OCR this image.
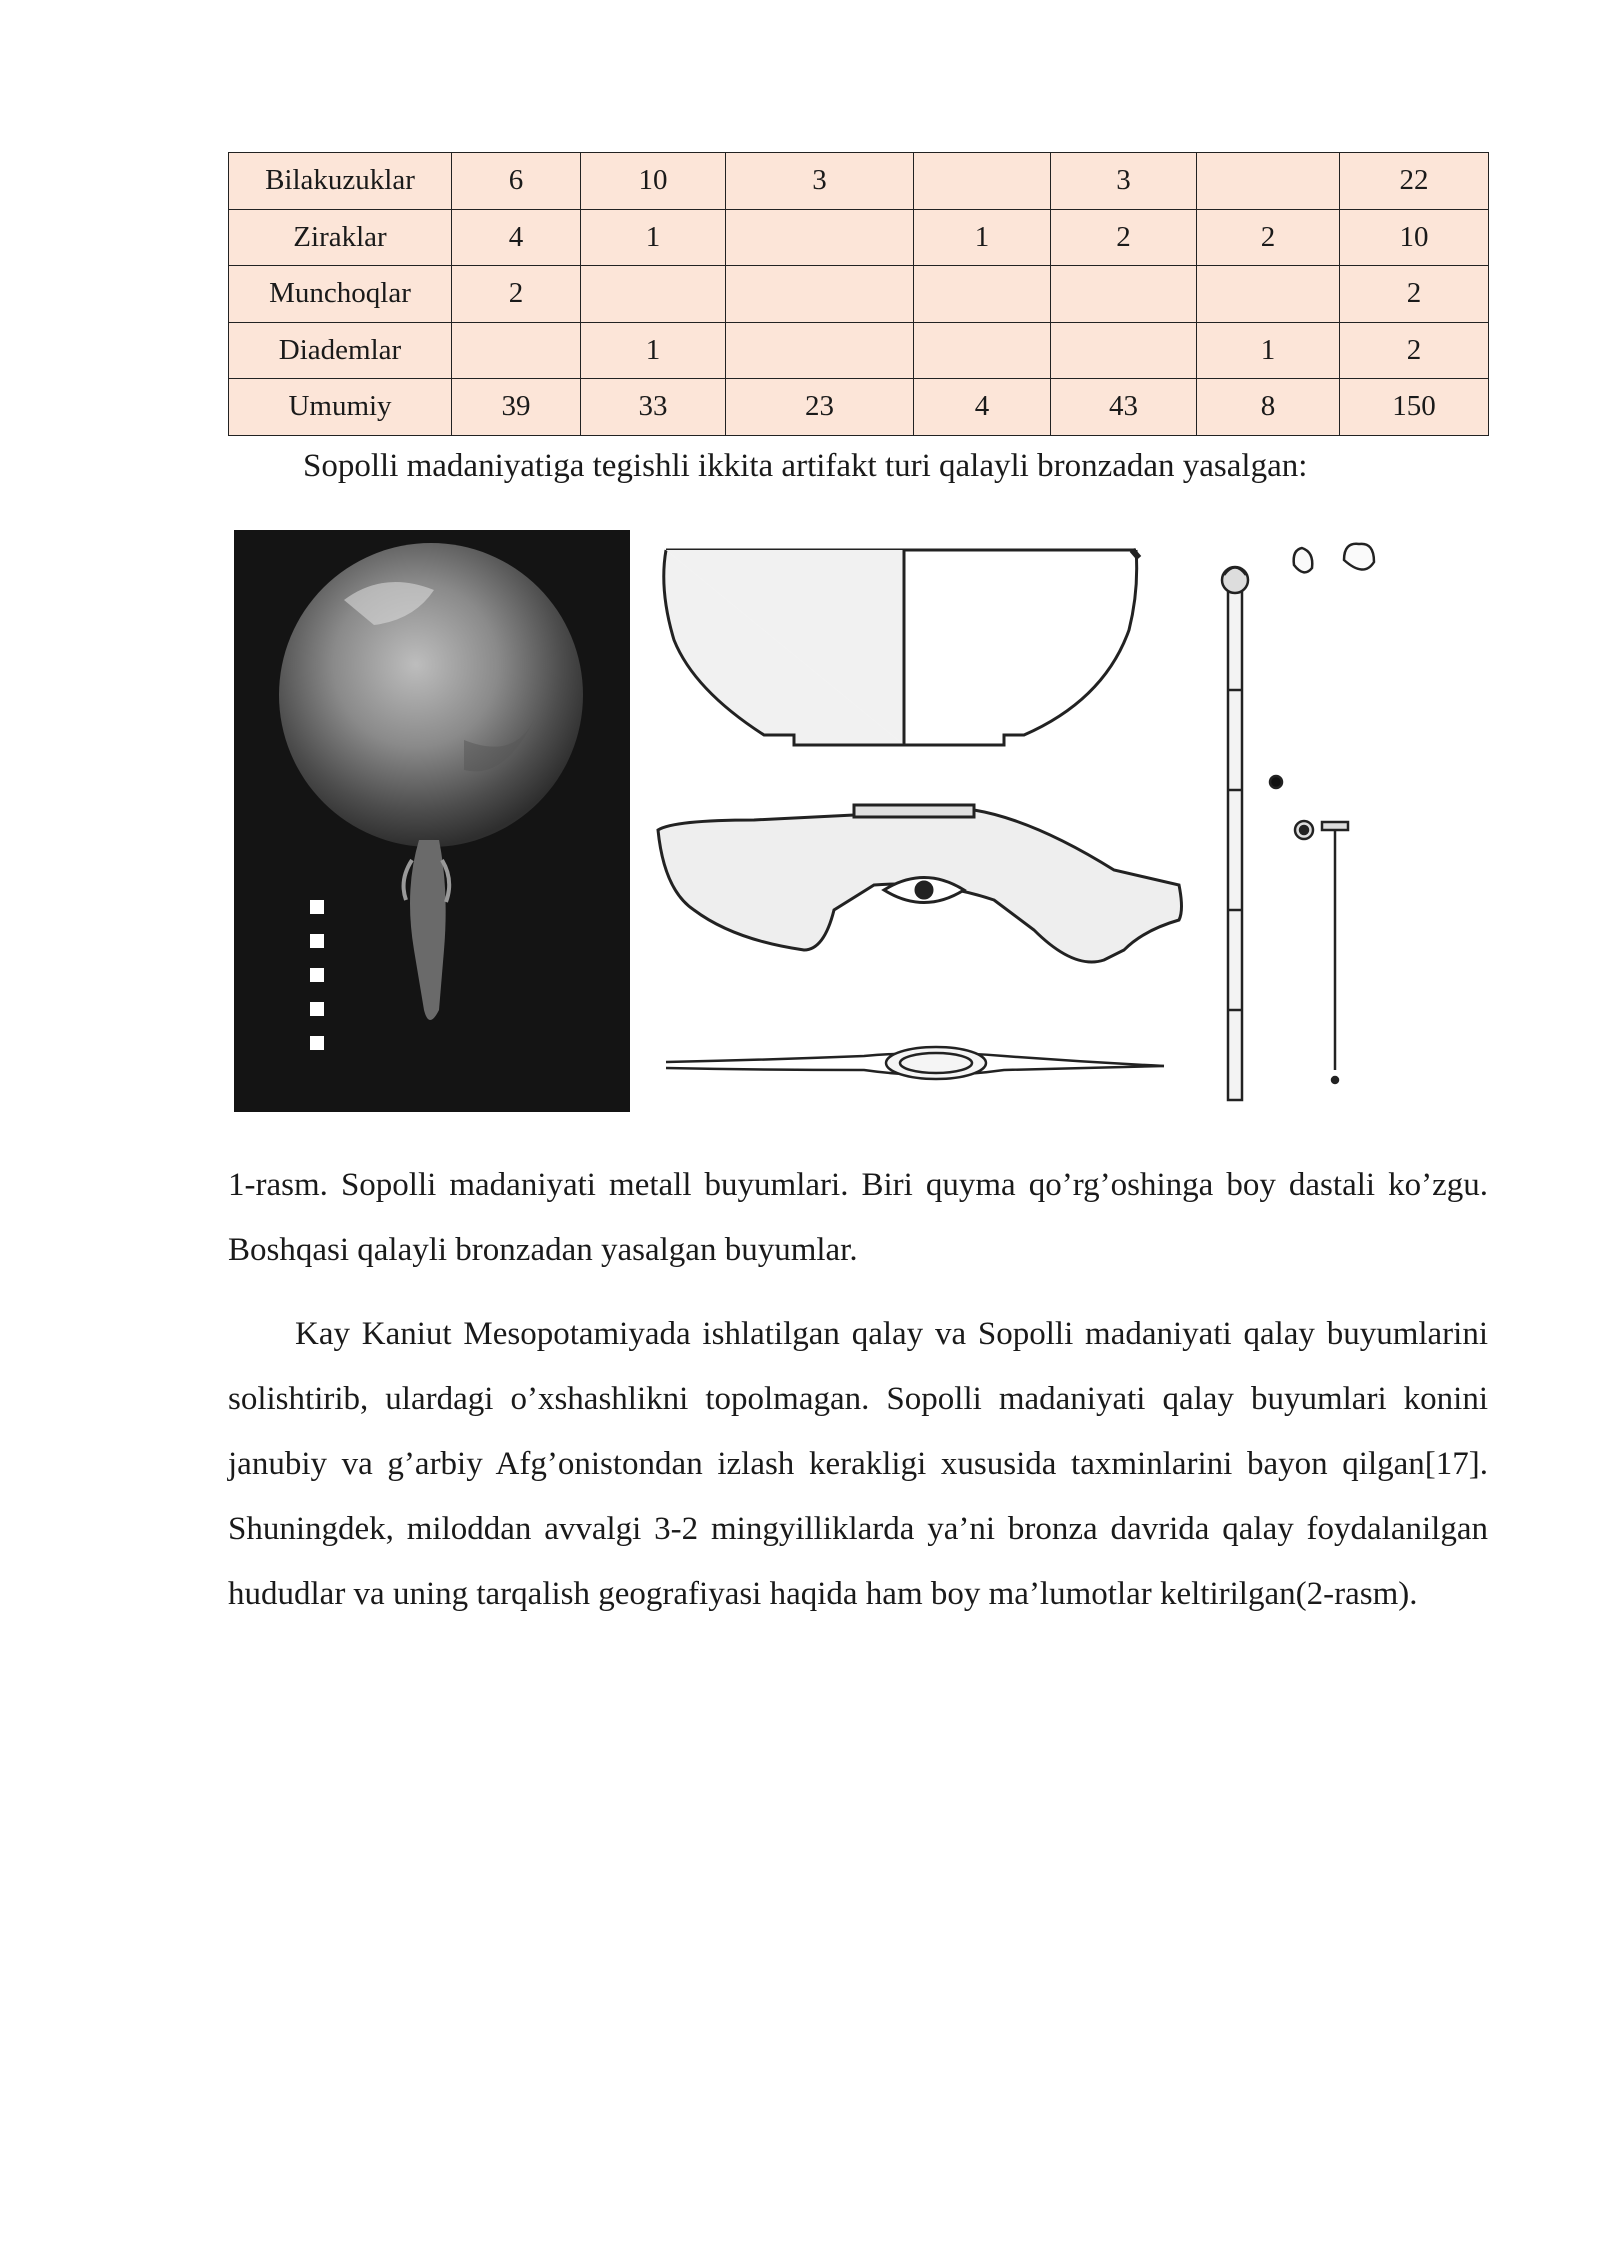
Bilakuzuklar	6	10	3		3		22
Ziraklar	4	1		1	2	2	10
Munchoqlar	2						2
Diademlar		1				1	2
Umumiy	39	33	23	4	43	8	150

Sopolli madaniyatiga tegishli ikkita artifakt turi qalayli bronzadan yasalgan:

1-rasm. Sopolli madaniyati metall buyumlari. Biri quyma qo’rg’oshinga boy dastali ko’zgu. Boshqasi qalayli bronzadan yasalgan buyumlar.

Kay Kaniut Mesopotamiyada ishlatilgan qalay va Sopolli madaniyati qalay buyumlarini solishtirib, ulardagi o’xshashlikni topolmagan. Sopolli madaniyati qalay buyumlari konini janubiy va g’arbiy Afg’onistondan izlash kerakligi xususida taxminlarini bayon qilgan[17]. Shuningdek, miloddan avvalgi 3-2 mingyilliklarda ya’ni bronza davrida qalay foydalanilgan hududlar va uning tarqalish geografiyasi haqida ham boy ma’lumotlar keltirilgan(2-rasm).
